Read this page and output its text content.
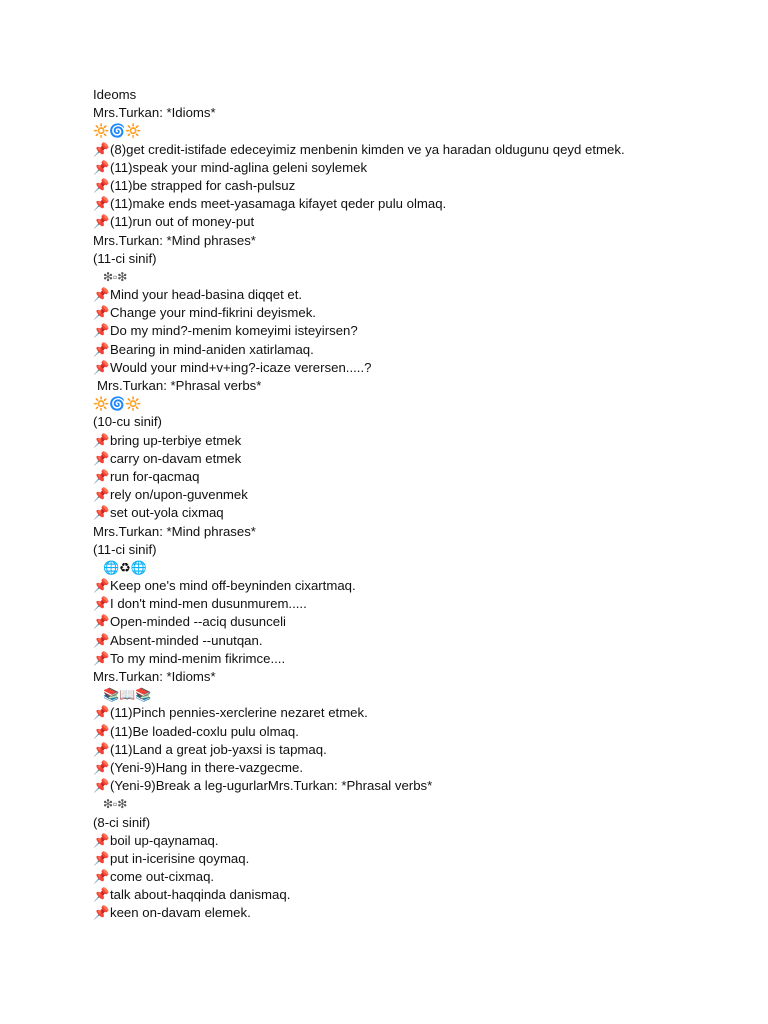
Ideoms
Mrs.Turkan: *Idioms*
🔆🌀🔆
📌(8)get credit-istifade edeceyimiz menbenin kimden ve ya haradan oldugunu qeyd etmek.
📌(11)speak your mind-aglina geleni soylemek
📌(11)be strapped for cash-pulsuz
📌(11)make ends meet-yasamaga kifayet qeder pulu olmaq.
📌(11)run out of money-put
Mrs.Turkan: *Mind phrases*
(11-ci sinif)
❇▫❇
📌Mind your head-basina diqqet et.
📌Change your mind-fikrini deyismek.
📌Do my mind?-menim komeyimi isteyirsen?
📌Bearing in mind-aniden xatirlamaq.
📌Would your mind+v+ing?-icaze verersen.....?
Mrs.Turkan: *Phrasal verbs*
🔆🌀🔆
(10-cu sinif)
📌bring up-terbiye etmek
📌carry on-davam etmek
📌run for-qacmaq
📌rely on/upon-guvenmek
📌set out-yola cixmaq
Mrs.Turkan: *Mind phrases*
(11-ci sinif)
🌐♻🌐
📌Keep one's mind off-beyninden cixartmaq.
📌I don't mind-men dusunmurem.....
📌Open-minded --aciq dusunceli
📌Absent-minded --unutqan.
📌To my mind-menim fikrimce....
Mrs.Turkan: *Idioms*
📚📖📚
📌(11)Pinch pennies-xerclerine nezaret etmek.
📌(11)Be loaded-coxlu pulu olmaq.
📌(11)Land a great job-yaxsi is tapmaq.
📌(Yeni-9)Hang in there-vazgecme.
📌(Yeni-9)Break a leg-ugurlarMrs.Turkan: *Phrasal verbs*
❇▫❇
(8-ci sinif)
📌boil up-qaynamaq.
📌put in-icerisine qoymaq.
📌come out-cixmaq.
📌talk about-haqqinda danismaq.
📌keen on-davam elemek.
